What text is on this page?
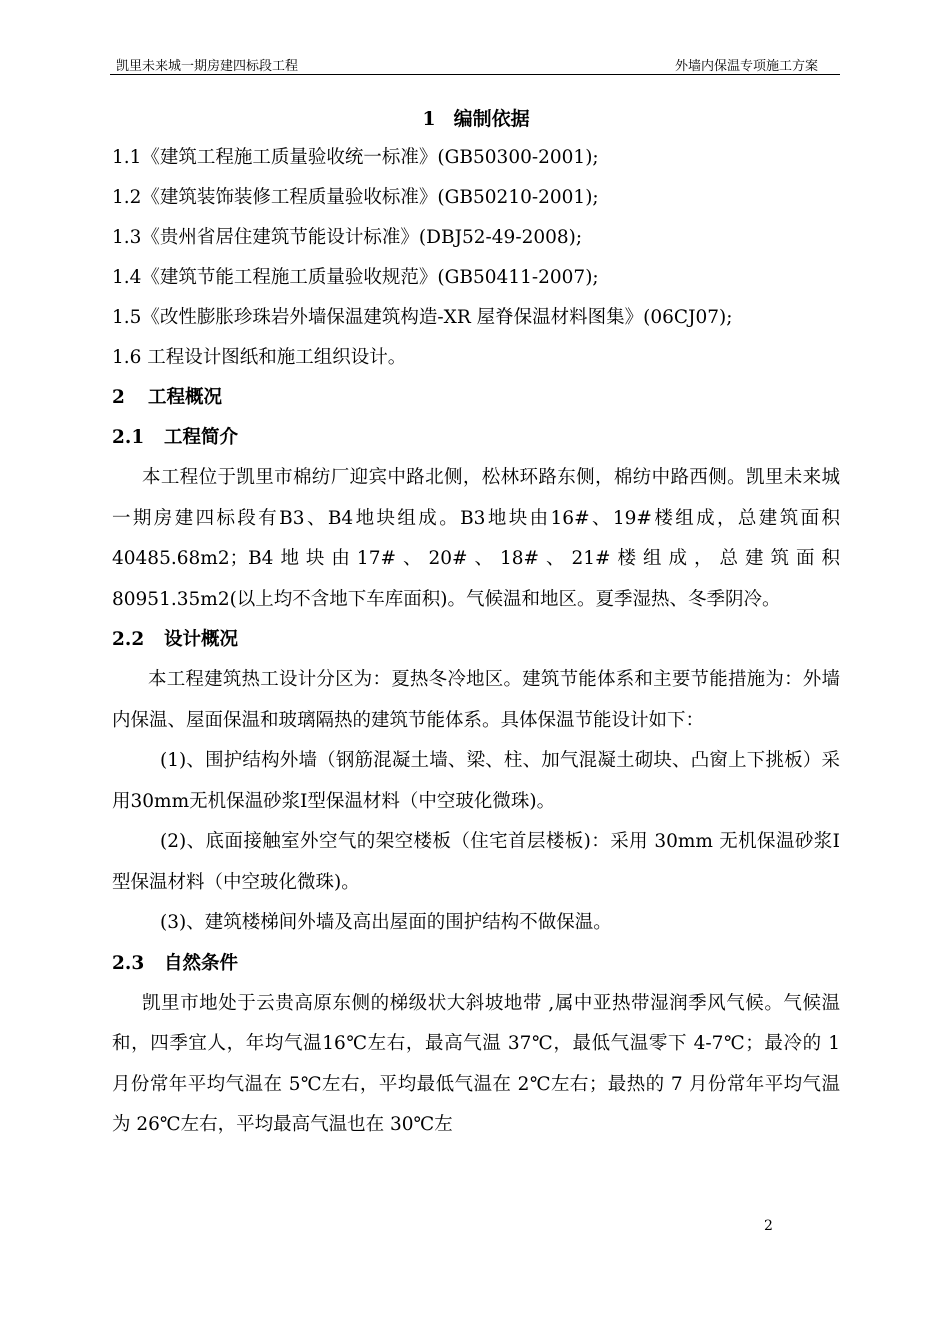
凯里未来城一期房建四标段工程	外墙内保温专项施工方案
1 编制依据
1.1《建筑工程施工质量验收统一标准》(GB50300-2001);
1.2《建筑装饰装修工程质量验收标准》(GB50210-2001);
1.3《贵州省居住建筑节能设计标准》(DBJ52-49-2008);
1.4《建筑节能工程施工质量验收规范》(GB50411-2007);
1.5《改性膨胀珍珠岩外墙保温建筑构造-XR 屋脊保温材料图集》(06CJ07);
1.6 工程设计图纸和施工组织设计。
2 工程概况
2.1 工程简介
本工程位于凯里市棉纺厂迎宾中路北侧，松林环路东侧，棉纺中路西侧。凯里未来城一期房建四标段有B3、B4地块组成。B3地块由16#、19#楼组成，总建筑面积40485.68m2；B4地块由17#、20#、18#、21#楼组成，总建筑面积80951.35m2(以上均不含地下车库面积)。气候温和地区。夏季湿热、冬季阴冷。
2.2 设计概况
本工程建筑热工设计分区为：夏热冬冷地区。建筑节能体系和主要节能措施为：外墙内保温、屋面保温和玻璃隔热的建筑节能体系。具体保温节能设计如下：
(1)、围护结构外墙（钢筋混凝土墙、梁、柱、加气混凝土砌块、凸窗上下挑板）采用30mm无机保温砂浆Ⅰ型保温材料（中空玻化微珠)。
(2)、底面接触室外空气的架空楼板（住宅首层楼板)：采用 30mm 无机保温砂浆Ⅰ型保温材料（中空玻化微珠)。
(3)、建筑楼梯间外墙及高出屋面的围护结构不做保温。
2.3 自然条件
凯里市地处于云贵高原东侧的梯级状大斜坡地带 ,属中亚热带湿润季风气候。气候温和，四季宜人，年均气温16℃左右，最高气温 37℃，最低气温零下 4-7℃；最冷的 1 月份常年平均气温在 5℃左右，平均最低气温在 2℃左右；最热的 7 月份常年平均气温为 26℃左右，平均最高气温也在 30℃左
2
